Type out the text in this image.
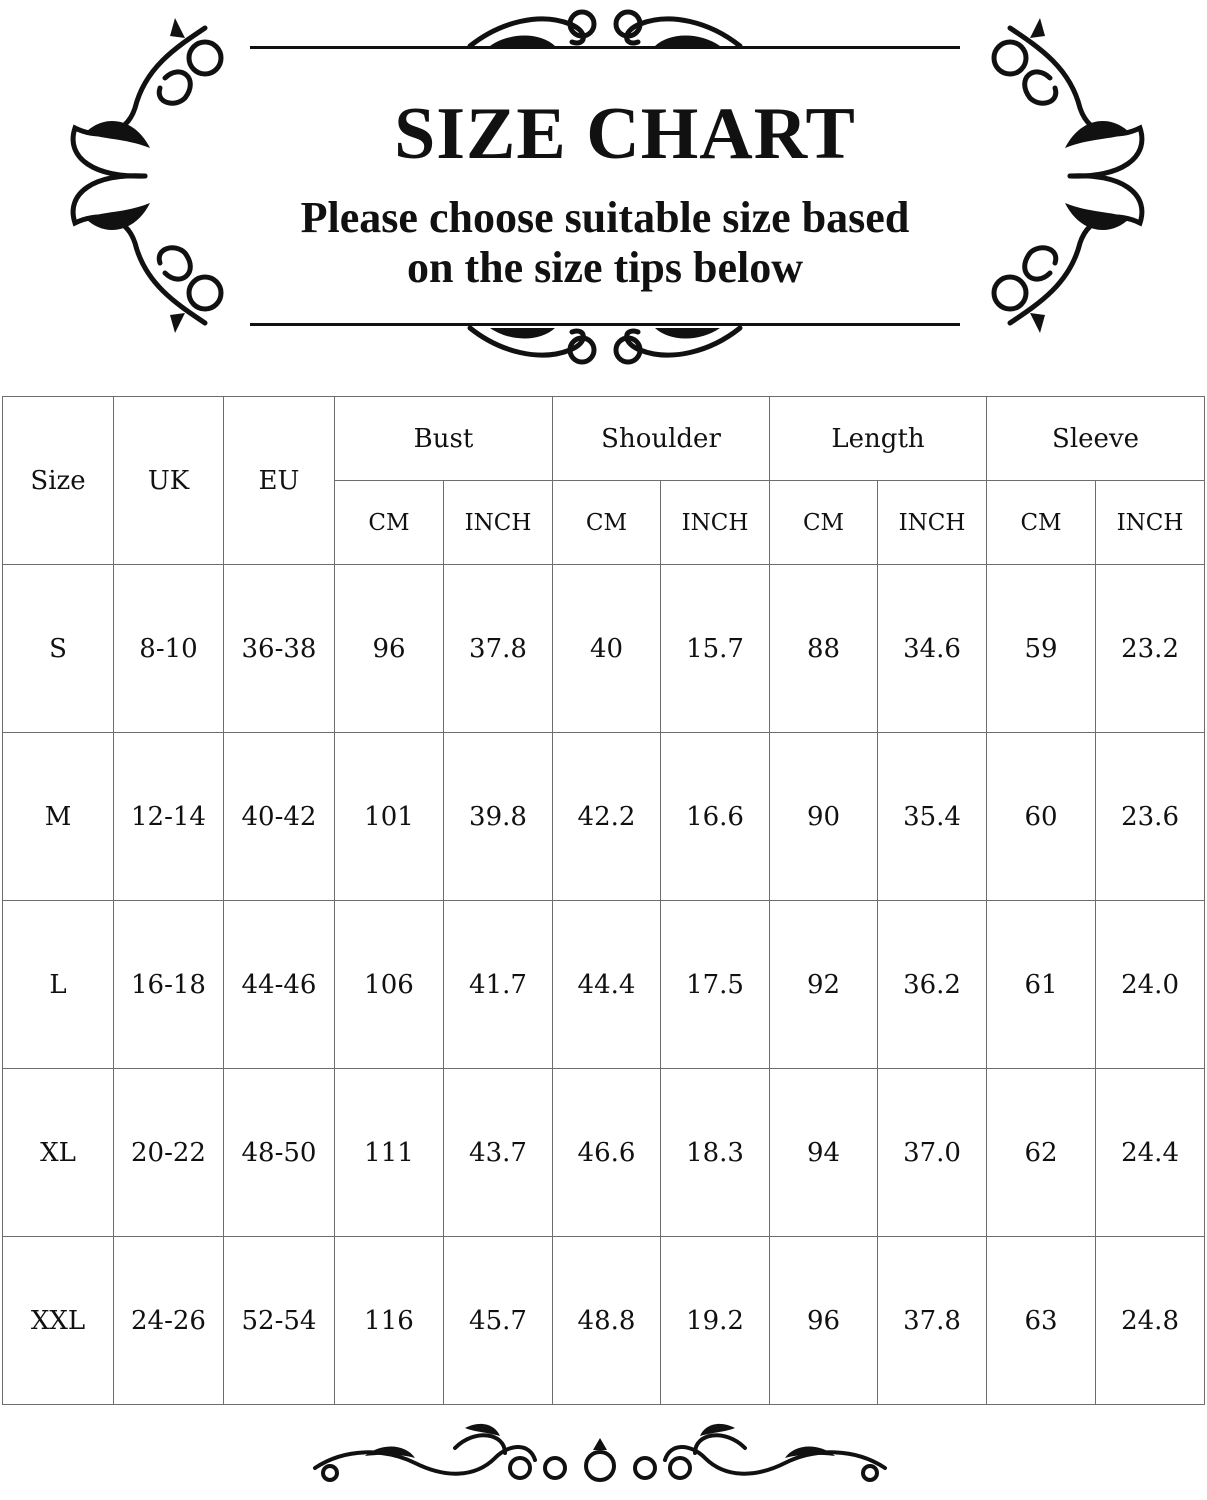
SIZE CHART
Please choose suitable size based
on the size tips below
Size	UK	EU	Bust		Shoulder		Length		Sleeve	
			CM	INCH	CM	INCH	CM	INCH	CM	INCH
S	8-10	36-38	96	37.8	40	15.7	88	34.6	59	23.2
M	12-14	40-42	101	39.8	42.2	16.6	90	35.4	60	23.6
L	16-18	44-46	106	41.7	44.4	17.5	92	36.2	61	24.0
XL	20-22	48-50	111	43.7	46.6	18.3	94	37.0	62	24.4
XXL	24-26	52-54	116	45.7	48.8	19.2	96	37.8	63	24.8
